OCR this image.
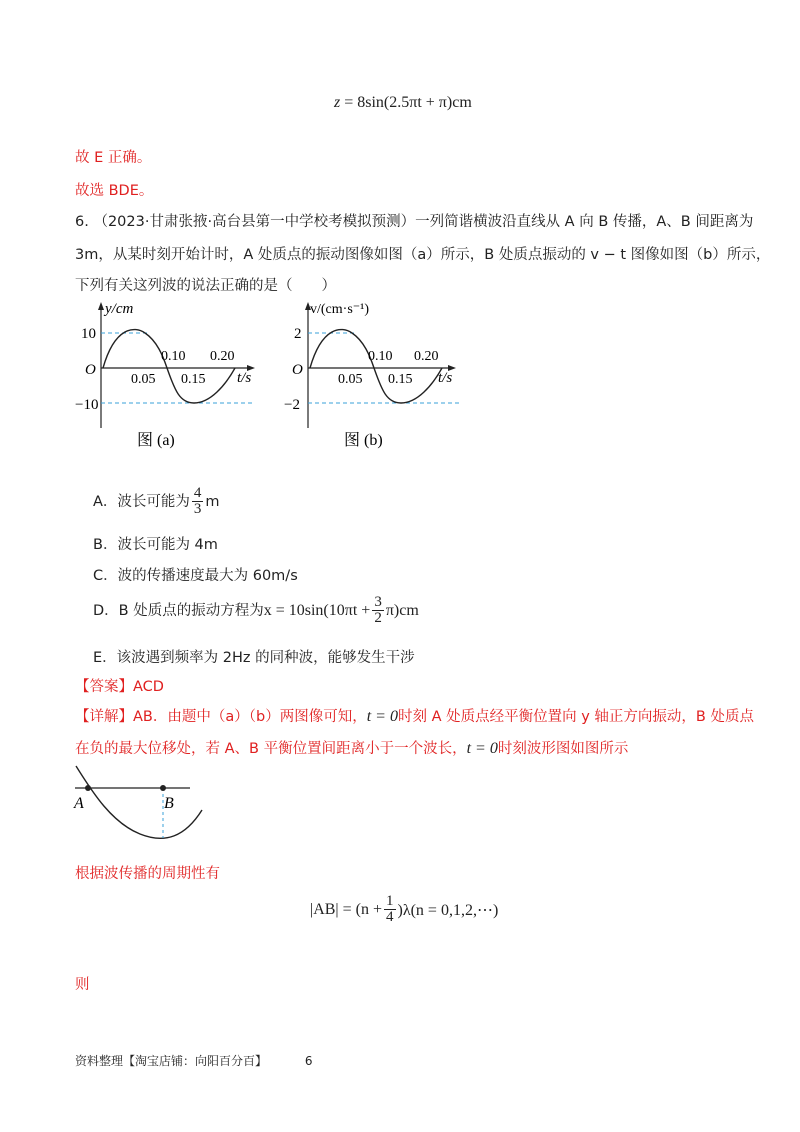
z = 8sin(2.5πt + π)cm
故 E 正确。
故选 BDE。
6. （2023·甘肃张掖·高台县第一中学校考模拟预测）一列简谐横波沿直线从 A 向 B 传播，A、B 间距离为
3m，从某时刻开始计时，A 处质点的振动图像如图（a）所示，B 处质点振动的 v − t 图像如图（b）所示，
下列有关这列波的说法正确的是（　　）
y/cm
10
−10
O
0.10 0.20
0.05 0.15 t/s
图 (a)
v/(cm·s⁻¹)
2
−2
O
0.10 0.20
0.05 0.15 t/s
图 (b)
A．波长可能为 $\frac{4}{3}$ m
B．波长可能为 4m
C．波的传播速度最大为 60m/s
D．B 处质点的振动方程为 $x = 10\sin(10\pi t + \frac{3}{2} \pi)cm$
E．该波遇到频率为 2Hz 的同种波，能够发生干涉
【答案】ACD
【详解】AB．由题中（a）（b）两图像可知，t = 0时刻 A 处质点经平衡位置向 y 轴正方向振动，B 处质点
在负的最大位移处，若 A、B 平衡位置间距离小于一个波长，t = 0时刻波形图如图所示
A	B
根据波传播的周期性有
$|AB| = (n + \frac{1}{4} )\lambda(n$ = 0,1,2,⋯)
则
资料整理【淘宝店铺：向阳百分百】	6
